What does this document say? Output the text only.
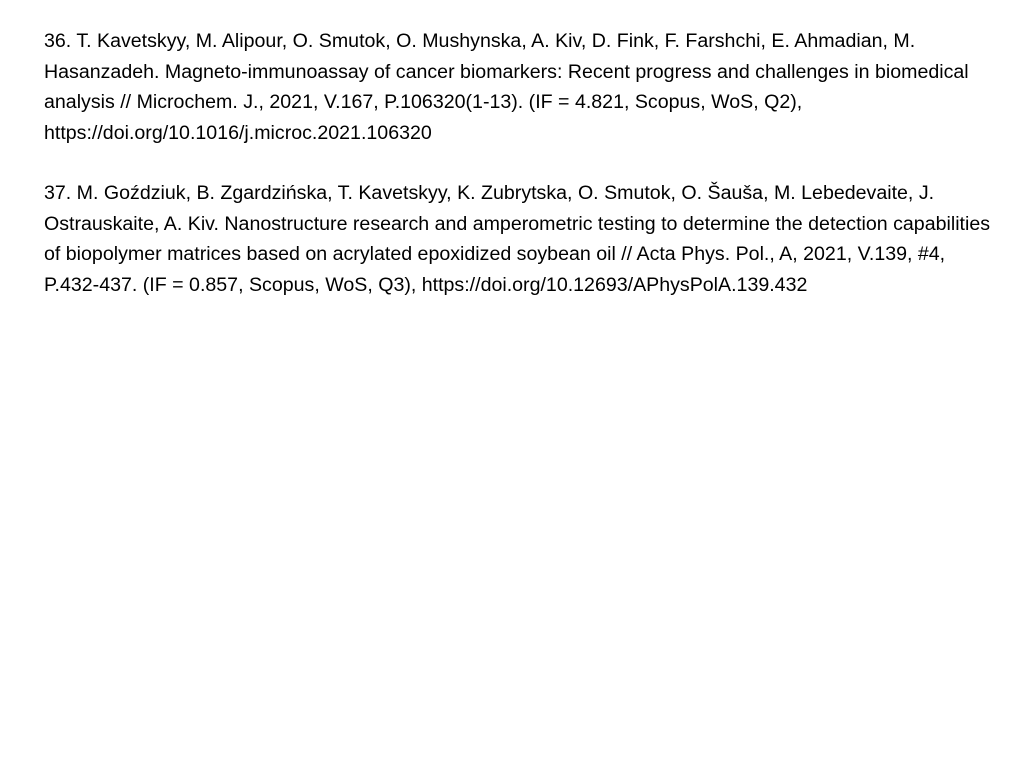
36. T. Kavetskyy, M. Alipour, O. Smutok, O. Mushynska, A. Kiv, D. Fink, F. Farshchi, E. Ahmadian, M. Hasanzadeh. Magneto-immunoassay of cancer biomarkers: Recent progress and challenges in biomedical analysis // Microchem. J., 2021, V.167, P.106320(1-13). (IF = 4.821, Scopus, WoS, Q2), https://doi.org/10.1016/j.microc.2021.106320

37. M. Goździuk, B. Zgardzińska, T. Kavetskyy, K. Zubrytska, O. Smutok, O. Šauša, M. Lebedevaite, J. Ostrauskaite, A. Kiv. Nanostructure research and amperometric testing to determine the detection capabilities of biopolymer matrices based on acrylated epoxidized soybean oil // Acta Phys. Pol., A, 2021, V.139, #4, P.432-437. (IF = 0.857, Scopus, WoS, Q3), https://doi.org/10.12693/APhysPolA.139.432
